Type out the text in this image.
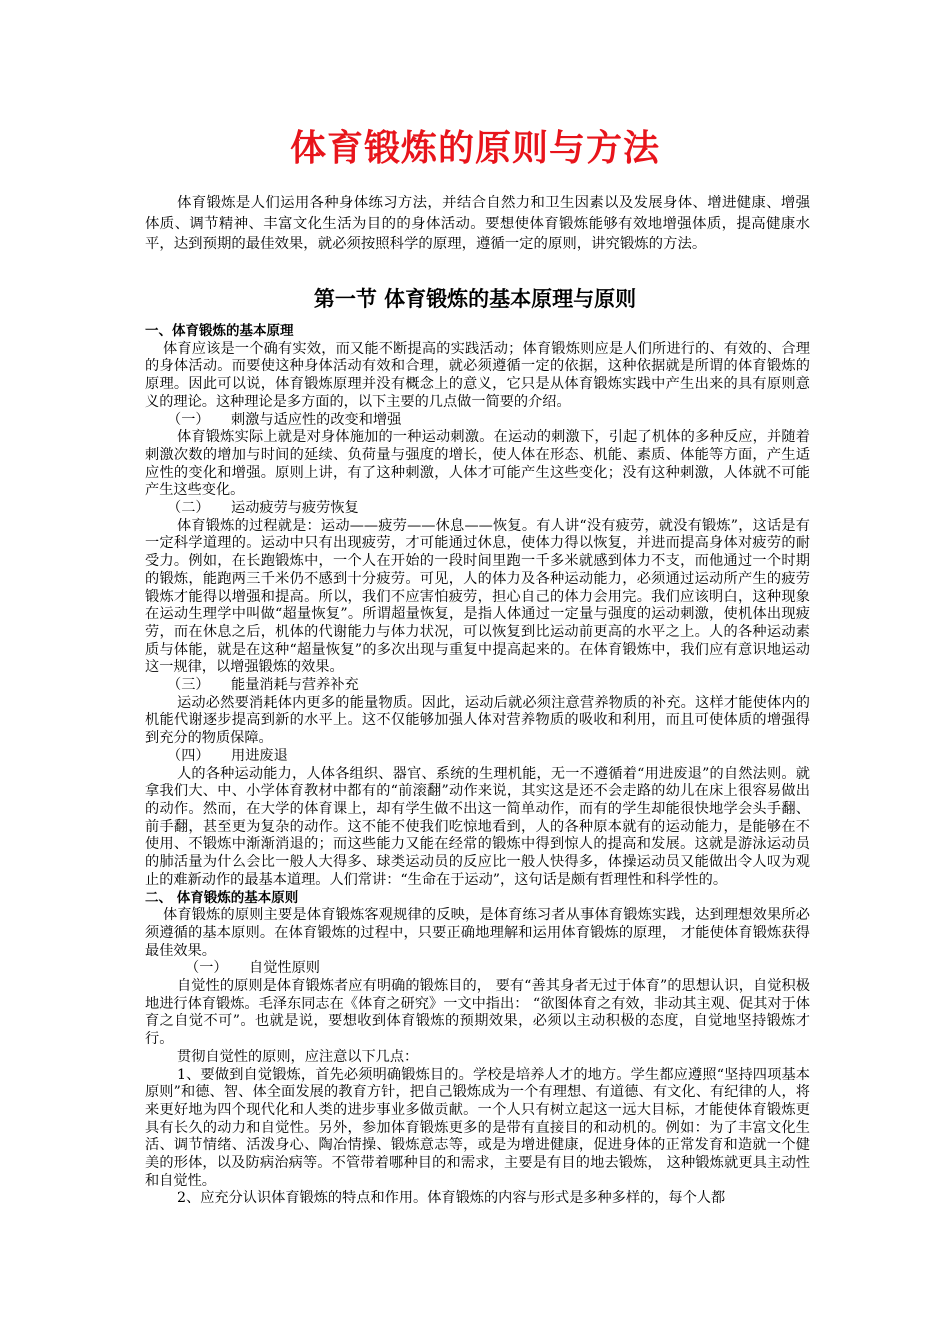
体育锻炼的原则与方法

体育锻炼是人们运用各种身体练习方法，并结合自然力和卫生因素以及发展身体、增进健康、增强体质、调节精神、丰富文化生活为目的的身体活动。要想使体育锻炼能够有效地增强体质，提高健康水平，达到预期的最佳效果，就必须按照科学的原理，遵循一定的原则，讲究锻炼的方法。

第一节 体育锻炼的基本原理与原则

一、体育锻炼的基本原理

体育应该是一个确有实效，而又能不断提高的实践活动；体育锻炼则应是人们所进行的、有效的、合理的身体活动。而要使这种身体活动有效和合理，就必须遵循一定的依据，这种依据就是所谓的体育锻炼的原理。因此可以说，体育锻炼原理并没有概念上的意义，它只是从体育锻炼实践中产生出来的具有原则意义的理论。这种理论是多方面的，以下主要的几点做一简要的介绍。

（一） 刺激与适应性的改变和增强

体育锻炼实际上就是对身体施加的一种运动刺激。在运动的刺激下，引起了机体的多种反应，并随着刺激次数的增加与时间的延续、负荷量与强度的增长，使人体在形态、机能、素质、体能等方面，产生适应性的变化和增强。原则上讲，有了这种刺激，人体才可能产生这些变化；没有这种刺激，人体就不可能产生这些变化。

（二） 运动疲劳与疲劳恢复

体育锻炼的过程就是：运动——疲劳——休息——恢复。有人讲“没有疲劳，就没有锻炼”，这话是有一定科学道理的。运动中只有出现疲劳，才可能通过休息，使体力得以恢复，并进而提高身体对疲劳的耐受力。例如，在长跑锻炼中，一个人在开始的一段时间里跑一千多米就感到体力不支，而他通过一个时期的锻炼，能跑两三千米仍不感到十分疲劳。可见，人的体力及各种运动能力，必须通过运动所产生的疲劳锻炼才能得以增强和提高。所以，我们不应害怕疲劳，担心自己的体力会用完。我们应该明白，这种现象在运动生理学中叫做“超量恢复”。所谓超量恢复，是指人体通过一定量与强度的运动刺激，使机体出现疲劳，而在休息之后，机体的代谢能力与体力状况，可以恢复到比运动前更高的水平之上。人的各种运动素质与体能，就是在这种“超量恢复”的多次出现与重复中提高起来的。在体育锻炼中，我们应有意识地运动这一规律，以增强锻炼的效果。

（三） 能量消耗与营养补充

运动必然要消耗体内更多的能量物质。因此，运动后就必须注意营养物质的补充。这样才能使体内的机能代谢逐步提高到新的水平上。这不仅能够加强人体对营养物质的吸收和利用，而且可使体质的增强得到充分的物质保障。

（四） 用进废退

人的各种运动能力，人体各组织、器官、系统的生理机能，无一不遵循着“用进废退”的自然法则。就拿我们大、中、小学体育教材中都有的“前滚翻”动作来说，其实这是还不会走路的幼儿在床上很容易做出的动作。然而，在大学的体育课上，却有学生做不出这一简单动作，而有的学生却能很快地学会头手翻、前手翻，甚至更为复杂的动作。这不能不使我们吃惊地看到，人的各种原本就有的运动能力，是能够在不使用、不锻炼中渐渐消退的；而这些能力又能在经常的锻炼中得到惊人的提高和发展。这就是游泳运动员的肺活量为什么会比一般人大得多、球类运动员的反应比一般人快得多，体操运动员又能做出令人叹为观止的难新动作的最基本道理。人们常讲：“生命在于运动”，这句话是颇有哲理性和科学性的。

二、 体育锻炼的基本原则

体育锻炼的原则主要是体育锻炼客观规律的反映，是体育练习者从事体育锻炼实践，达到理想效果所必须遵循的基本原则。在体育锻炼的过程中，只要正确地理解和运用体育锻炼的原理， 才能使体育锻炼获得最佳效果。

（一） 自觉性原则

自觉性的原则是体育锻炼者应有明确的锻炼目的， 要有“善其身者无过于体育”的思想认识，自觉积极地进行体育锻炼。毛泽东同志在《体育之研究》一文中指出： “欲图体育之有效，非动其主观、促其对于体育之自觉不可”。也就是说，要想收到体育锻炼的预期效果，必须以主动积极的态度，自觉地坚持锻炼才行。

贯彻自觉性的原则，应注意以下几点：

1、要做到自觉锻炼，首先必须明确锻炼目的。学校是培养人才的地方。学生都应遵照“坚持四项基本原则”和德、智、体全面发展的教育方针，把自己锻炼成为一个有理想、有道德、有文化、有纪律的人，将来更好地为四个现代化和人类的进步事业多做贡献。一个人只有树立起这一远大目标，才能使体育锻炼更具有长久的动力和自觉性。另外，参加体育锻炼更多的是带有直接目的和动机的。例如：为了丰富文化生活、调节情绪、活泼身心、陶冶情操、锻炼意志等，或是为增进健康，促进身体的正常发育和造就一个健美的形体，以及防病治病等。不管带着哪种目的和需求，主要是有目的地去锻炼， 这种锻炼就更具主动性和自觉性。

2、应充分认识体育锻炼的特点和作用。体育锻炼的内容与形式是多种多样的，每个人都
